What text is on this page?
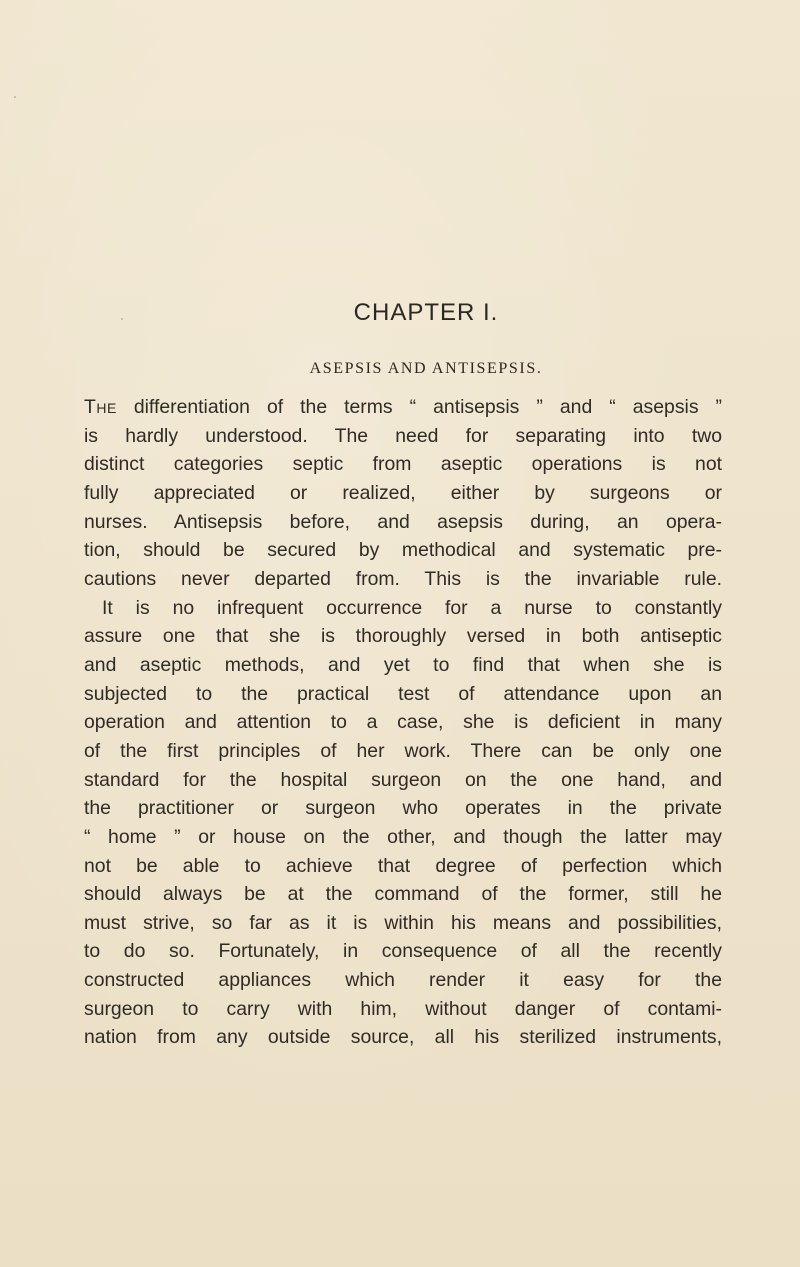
CHAPTER I.
ASEPSIS AND ANTISEPSIS.
The differentiation of the terms “ antisepsis ” and “ asepsis ”
is hardly understood. The need for separating into two
distinct categories septic from aseptic operations is not
fully appreciated or realized, either by surgeons or
nurses. Antisepsis before, and asepsis during, an opera-
tion, should be secured by methodical and systematic pre-
cautions never departed from. This is the invariable rule.
It is no infrequent occurrence for a nurse to constantly
assure one that she is thoroughly versed in both antiseptic
and aseptic methods, and yet to find that when she is
subjected to the practical test of attendance upon an
operation and attention to a case, she is deficient in many
of the first principles of her work. There can be only one
standard for the hospital surgeon on the one hand, and
the practitioner or surgeon who operates in the private
“ home ” or house on the other, and though the latter may
not be able to achieve that degree of perfection which
should always be at the command of the former, still he
must strive, so far as it is within his means and possibilities,
to do so. Fortunately, in consequence of all the recently
constructed appliances which render it easy for the
surgeon to carry with him, without danger of contami-
nation from any outside source, all his sterilized instruments,
